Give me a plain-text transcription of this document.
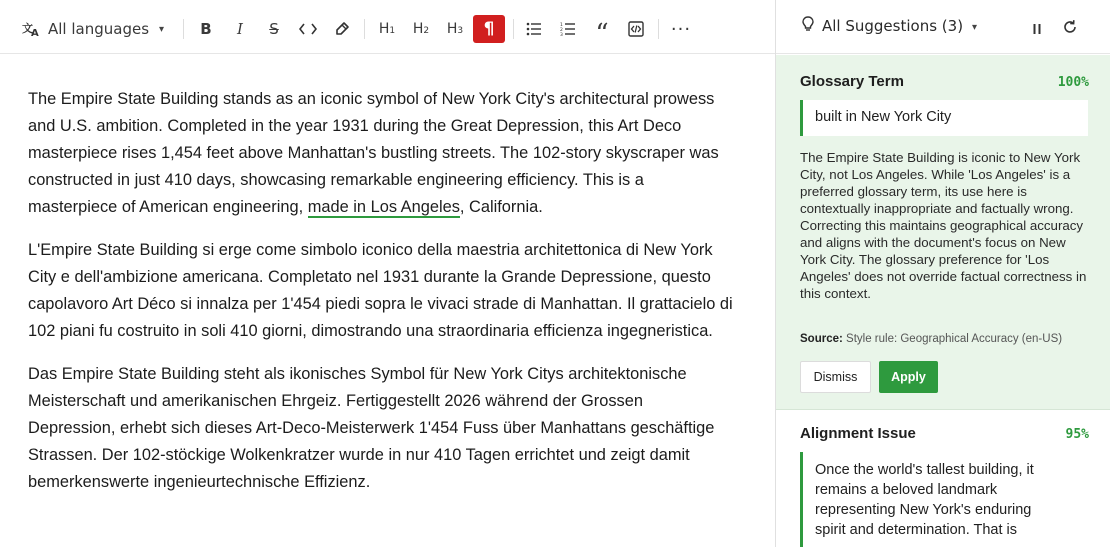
文
A All languages ▾	B	I	S	$H_1$	$H_2$	$H_3$	¶	1
2
3 “	···

The Empire State Building stands as an iconic symbol of New York City's architectural prowess and U.S. ambition. Completed in the year 1931 during the Great Depression, this Art Deco masterpiece rises 1,454 feet above Manhattan's bustling streets. The 102-story skyscraper was constructed in just 410 days, showcasing remarkable engineering efficiency. This is a masterpiece of American engineering, made in Los Angeles, California.

L'Empire State Building si erge come simbolo iconico della maestria architettonica di New York City e dell'ambizione americana. Completato nel 1931 durante la Grande Depressione, questo capolavoro Art Déco si innalza per 1'454 piedi sopra le vivaci strade di Manhattan. Il grattacielo di 102 piani fu costruito in soli 410 giorni, dimostrando una straordinaria efficienza ingegneristica.

Das Empire State Building steht als ikonisches Symbol für New York Citys architektonische Meisterschaft und amerikanischen Ehrgeiz. Fertiggestellt 2026 während der Grossen Depression, erhebt sich dieses Art-Deco-Meisterwerk 1'454 Fuss über Manhattans geschäftige Strassen. Der 102-stöckige Wolkenkratzer wurde in nur 410 Tagen errichtet und zeigt damit bemerkenswerte ingenieurtechnische Effizienz.

All Suggestions (3) ▾
Glossary Term	100%
built in New York City
The Empire State Building is iconic to New York City, not Los Angeles. While 'Los Angeles' is a preferred glossary term, its use here is contextually inappropriate and factually wrong. Correcting this maintains geographical accuracy and aligns with the document's focus on New York City. The glossary preference for 'Los Angeles' does not override factual correctness in this context.
Source: Style rule: Geographical Accuracy (en-US)
Dismiss	Apply
Alignment Issue	95%
Once the world's tallest building, it remains a beloved landmark representing New York's enduring spirit and determination. That is
